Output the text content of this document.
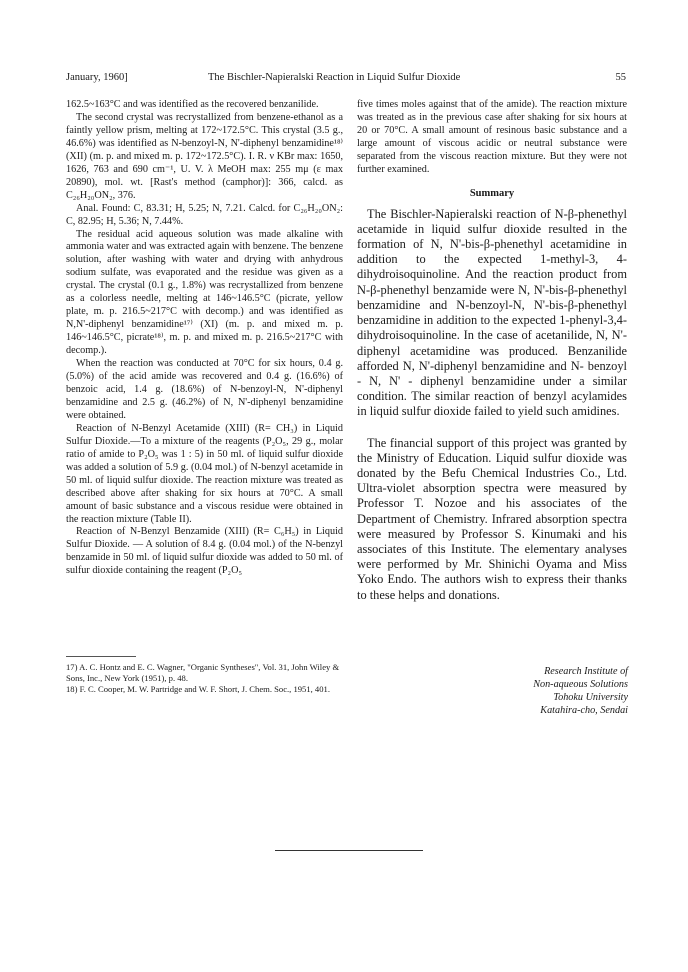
January, 1960]	The Bischler-Napieralski Reaction in Liquid Sulfur Dioxide	55

162.5~163°C and was identified as the recovered benzanilide.

The second crystal was recrystallized from benzene-ethanol as a faintly yellow prism, melting at 172~172.5°C. This crystal (3.5 g., 46.6%) was identified as N-benzoyl-N, N'-diphenyl benzamidine¹⁸⁾ (XII) (m. p. and mixed m. p. 172~172.5°C). I. R. ν KBr max: 1650, 1626, 763 and 690 cm⁻¹, U. V. λ MeOH max: 255 mμ (ε max 20890), mol. wt. [Rast's method (camphor)]: 366, calcd. as C₂₆H₂₀ON₂, 376.

Anal. Found: C, 83.31; H, 5.25; N, 7.21. Calcd. for C₂₆H₂₀ON₂: C, 82.95; H, 5.36; N, 7.44%.

The residual acid aqueous solution was made alkaline with ammonia water and was extracted again with benzene. The benzene solution, after washing with water and drying with anhydrous sodium sulfate, was evaporated and the residue was given as a crystal. The crystal (0.1 g., 1.8%) was recrystallized from benzene as a colorless needle, melting at 146~146.5°C (picrate, yellow plate, m. p. 216.5~217°C with decomp.) and was identified as N,N'-diphenyl benzamidine¹⁷⁾ (XI) (m. p. and mixed m. p. 146~146.5°C, picrate¹⁸⁾, m. p. and mixed m. p. 216.5~217°C with decomp.).

When the reaction was conducted at 70°C for six hours, 0.4 g. (5.0%) of the acid amide was recovered and 0.4 g. (16.6%) of benzoic acid, 1.4 g. (18.6%) of N-benzoyl-N, N'-diphenyl benzamidine and 2.5 g. (46.2%) of N, N'-diphenyl benzamidine were obtained.

Reaction of N-Benzyl Acetamide (XIII) (R= CH₃) in Liquid Sulfur Dioxide.—To a mixture of the reagents (P₂O₅, 29 g., molar ratio of amide to P₂O₅ was 1 : 5) in 50 ml. of liquid sulfur dioxide was added a solution of 5.9 g. (0.04 mol.) of N-benzyl acetamide in 50 ml. of liquid sulfur dioxide. The reaction mixture was treated as described above after shaking for six hours at 70°C. A small amount of basic substance and a viscous residue were obtained in the reaction mixture (Table II).

Reaction of N-Benzyl Benzamide (XIII) (R= C₆H₅) in Liquid Sulfur Dioxide. — A solution of 8.4 g. (0.04 mol.) of the N-benzyl benzamide in 50 ml. of liquid sulfur dioxide was added to 50 ml. of sulfur dioxide containing the reagent (P₂O₅

17) A. C. Hontz and E. C. Wagner, "Organic Syntheses", Vol. 31, John Wiley & Sons, Inc., New York (1951), p. 48.

18) F. C. Cooper, M. W. Partridge and W. F. Short, J. Chem. Soc., 1951, 401.

five times moles against that of the amide). The reaction mixture was treated as in the previous case after shaking for six hours at 20 or 70°C. A small amount of resinous basic substance and a large amount of viscous acidic or neutral substance were separated from the viscous reaction mixture. But they were not further examined.

Summary

The Bischler-Napieralski reaction of N-β-phenethyl acetamide in liquid sulfur dioxide resulted in the formation of N, N'-bis-β-phenethyl acetamidine in addition to the expected 1-methyl-3, 4-dihydroisoquinoline. And the reaction product from N-β-phenethyl benzamide were N, N'-bis-β-phenethyl benzamidine and N-benzoyl-N, N'-bis-β-phenethyl benzamidine in addition to the expected 1-phenyl-3,4-dihydroisoquinoline. In the case of acetanilide, N, N'-diphenyl acetamidine was produced. Benzanilide afforded N, N'-diphenyl benzamidine and N- benzoyl - N, N' - diphenyl benzamidine under a similar condition. The similar reaction of benzyl acylamides in liquid sulfur dioxide failed to yield such amidines.

The financial support of this project was granted by the Ministry of Education. Liquid sulfur dioxide was donated by the Befu Chemical Industries Co., Ltd. Ultra-violet absorption spectra were measured by Professor T. Nozoe and his associates of the Department of Chemistry. Infrared absorption spectra were measured by Professor S. Kinumaki and his associates of this Institute. The elementary analyses were performed by Mr. Shinichi Oyama and Miss Yoko Endo. The authors wish to express their thanks to these helps and donations.

Research Institute of
Non-aqueous Solutions
Tohoku University
Katahira-cho, Sendai
